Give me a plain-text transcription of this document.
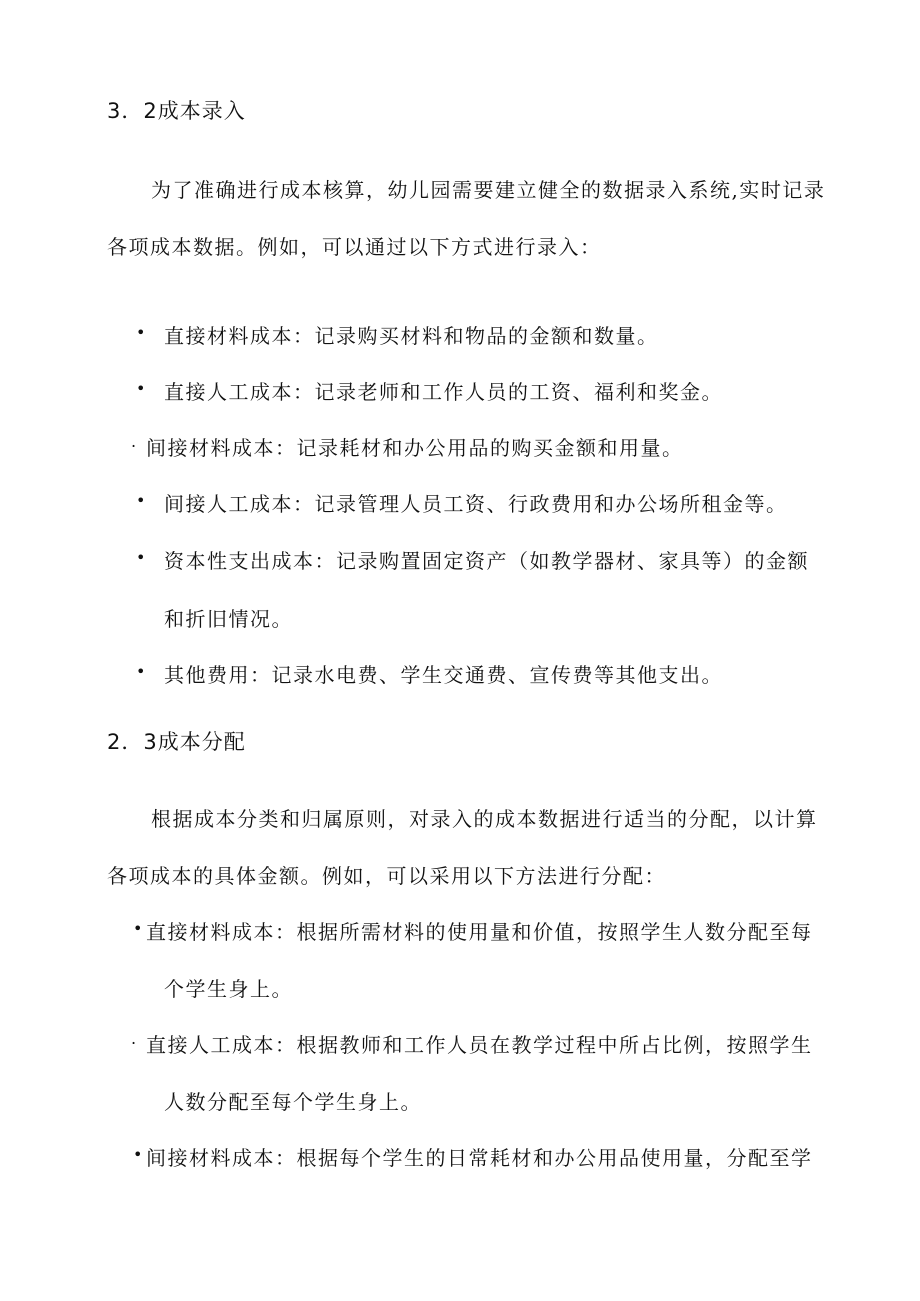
3．2成本录入

为了准确进行成本核算，幼儿园需要建立健全的数据录入系统,实时记录各项成本数据。例如，可以通过以下方式进行录入：

• 直接材料成本：记录购买材料和物品的金额和数量。
• 直接人工成本：记录老师和工作人员的工资、福利和奖金。
. 间接材料成本：记录耗材和办公用品的购买金额和用量。
• 间接人工成本：记录管理人员工资、行政费用和办公场所租金等。
• 资本性支出成本：记录购置固定资产（如教学器材、家具等）的金额
和折旧情况。
• 其他费用：记录水电费、学生交通费、宣传费等其他支出。
2．3成本分配

根据成本分类和归属原则，对录入的成本数据进行适当的分配，以计算各项成本的具体金额。例如，可以采用以下方法进行分配：

• 直接材料成本：根据所需材料的使用量和价值，按照学生人数分配至每
个学生身上。
. 直接人工成本：根据教师和工作人员在教学过程中所占比例，按照学生
人数分配至每个学生身上。
• 间接材料成本：根据每个学生的日常耗材和办公用品使用量，分配至学
